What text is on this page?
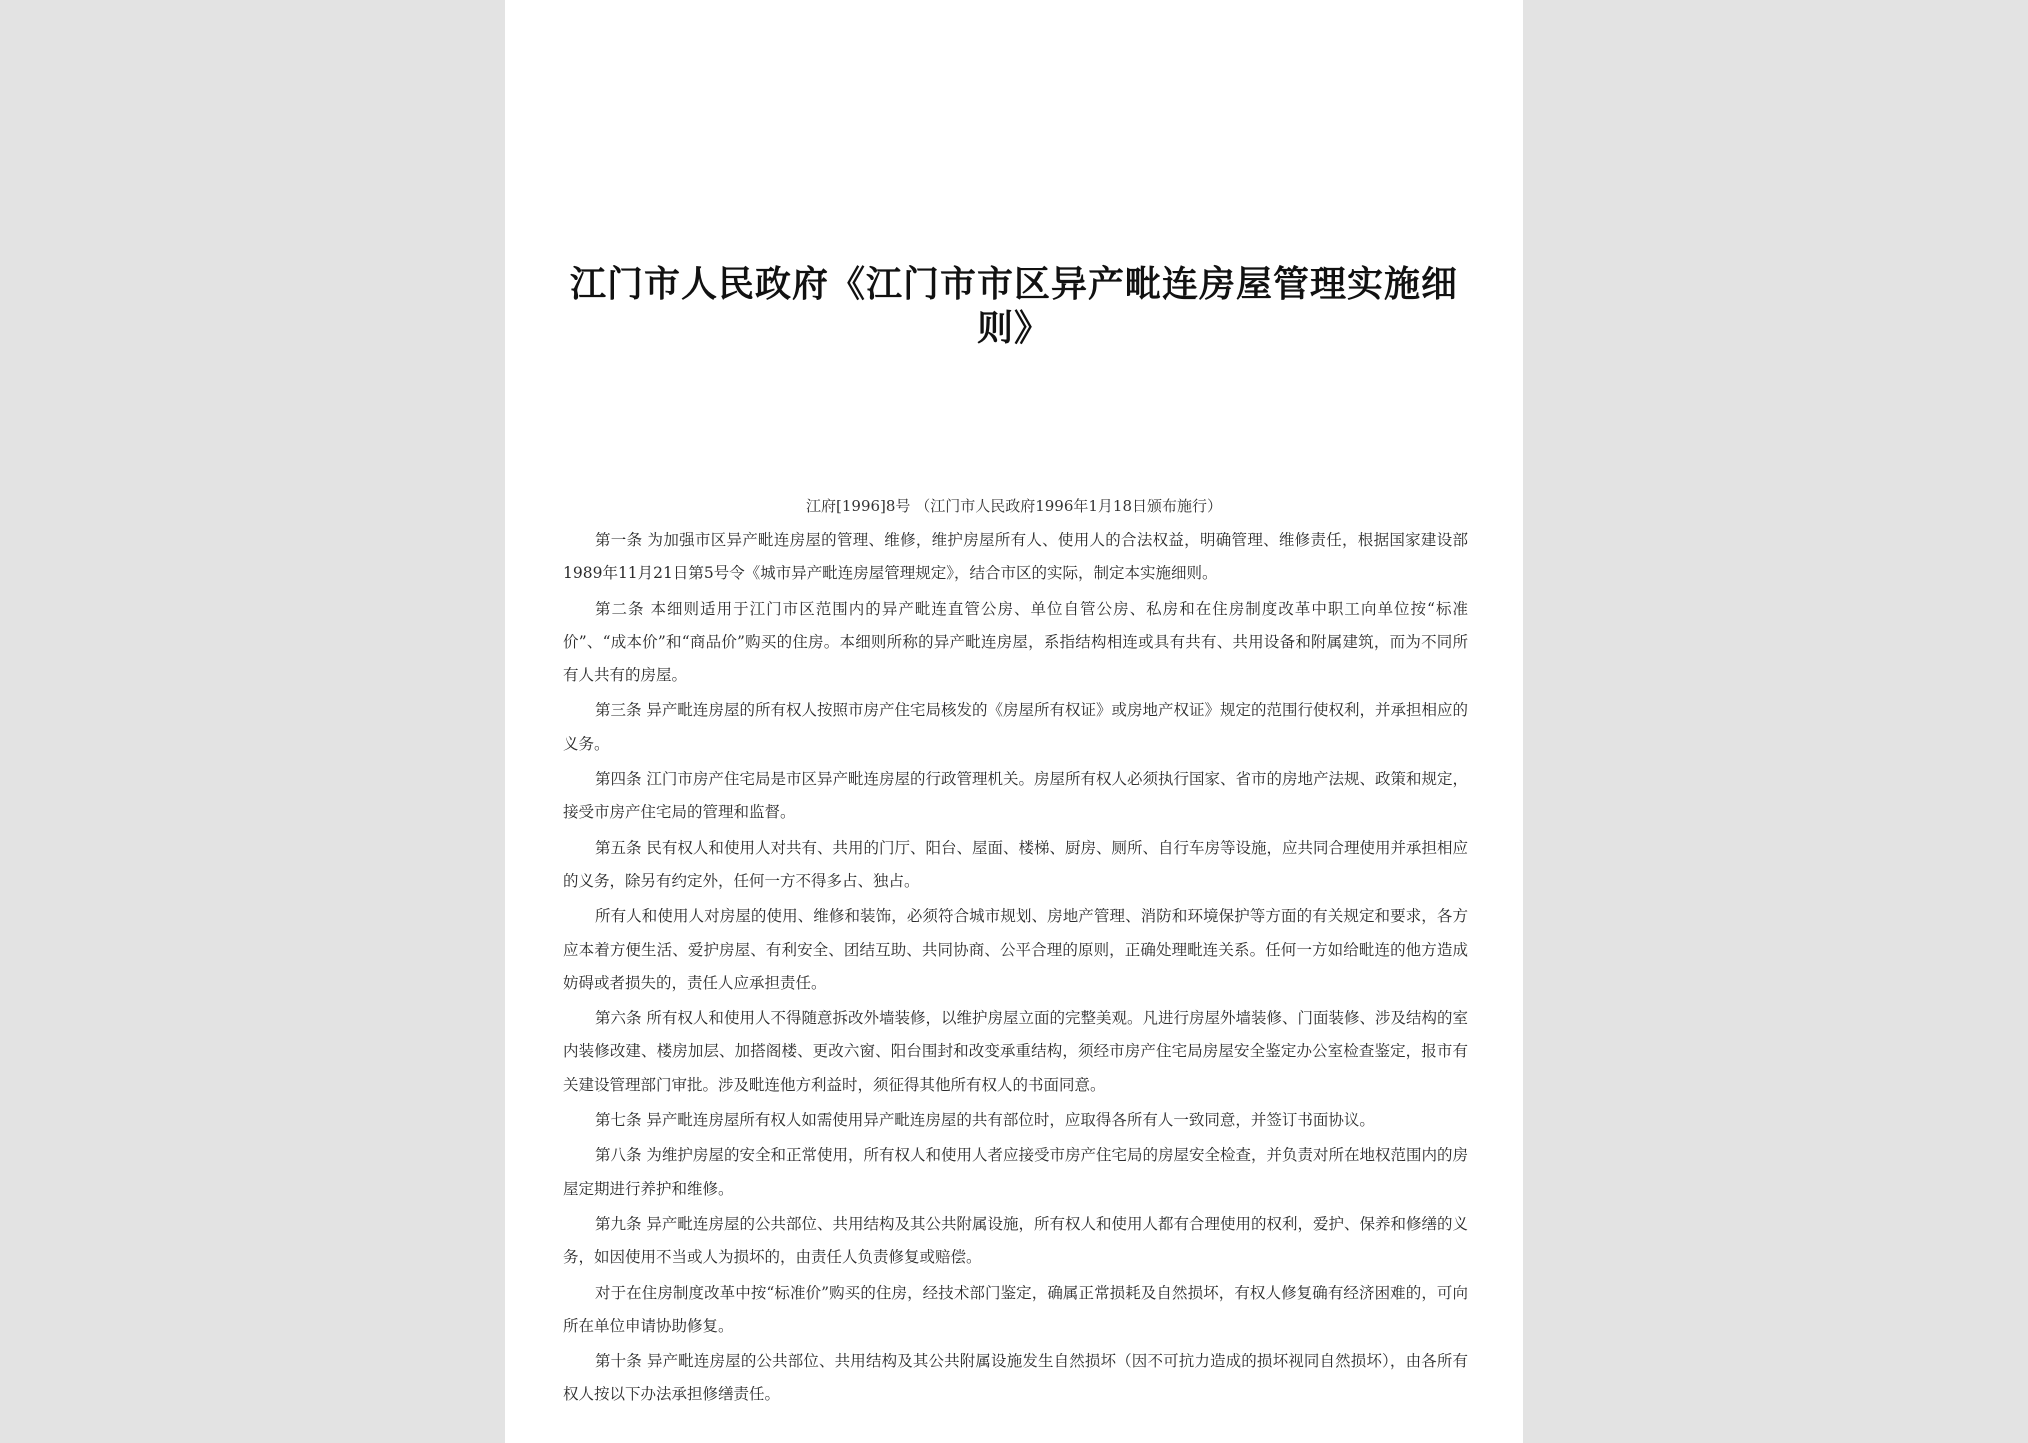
江门市人民政府《江门市市区异产毗连房屋管理实施细则》
江府[1996]8号 （江门市人民政府1996年1月18日颁布施行）

第一条 为加强市区异产毗连房屋的管理、维修，维护房屋所有人、使用人的合法权益，明确管理、维修责任，根据国家建设部1989年11月21日第5号令《城市异产毗连房屋管理规定》，结合市区的实际，制定本实施细则。

第二条 本细则适用于江门市区范围内的异产毗连直管公房、单位自管公房、私房和在住房制度改革中职工向单位按“标准价”、“成本价”和“商品价”购买的住房。本细则所称的异产毗连房屋，系指结构相连或具有共有、共用设备和附属建筑，而为不同所有人共有的房屋。

第三条 异产毗连房屋的所有权人按照市房产住宅局核发的《房屋所有权证》或房地产权证》规定的范围行使权利，并承担相应的义务。

第四条 江门市房产住宅局是市区异产毗连房屋的行政管理机关。房屋所有权人必须执行国家、省市的房地产法规、政策和规定，接受市房产住宅局的管理和监督。

第五条 民有权人和使用人对共有、共用的门厅、阳台、屋面、楼梯、厨房、厕所、自行车房等设施，应共同合理使用并承担相应的义务，除另有约定外，任何一方不得多占、独占。

所有人和使用人对房屋的使用、维修和装饰，必须符合城市规划、房地产管理、消防和环境保护等方面的有关规定和要求，各方应本着方便生活、爱护房屋、有利安全、团结互助、共同协商、公平合理的原则，正确处理毗连关系。任何一方如给毗连的他方造成妨碍或者损失的，责任人应承担责任。

第六条 所有权人和使用人不得随意拆改外墙装修，以维护房屋立面的完整美观。凡进行房屋外墙装修、门面装修、涉及结构的室内装修改建、楼房加层、加搭阁楼、更改六窗、阳台围封和改变承重结构，须经市房产住宅局房屋安全鉴定办公室检查鉴定，报市有关建设管理部门审批。涉及毗连他方利益时，须征得其他所有权人的书面同意。

第七条 异产毗连房屋所有权人如需使用异产毗连房屋的共有部位时，应取得各所有人一致同意，并签订书面协议。

第八条 为维护房屋的安全和正常使用，所有权人和使用人者应接受市房产住宅局的房屋安全检查，并负责对所在地权范围内的房屋定期进行养护和维修。

第九条 异产毗连房屋的公共部位、共用结构及其公共附属设施，所有权人和使用人都有合理使用的权利，爱护、保养和修缮的义务，如因使用不当或人为损坏的，由责任人负责修复或赔偿。

对于在住房制度改革中按“标准价”购买的住房，经技术部门鉴定，确属正常损耗及自然损坏，有权人修复确有经济困难的，可向所在单位申请协助修复。

第十条 异产毗连房屋的公共部位、共用结构及其公共附属设施发生自然损坏（因不可抗力造成的损坏视同自然损坏），由各所有权人按以下办法承担修缮责任。
